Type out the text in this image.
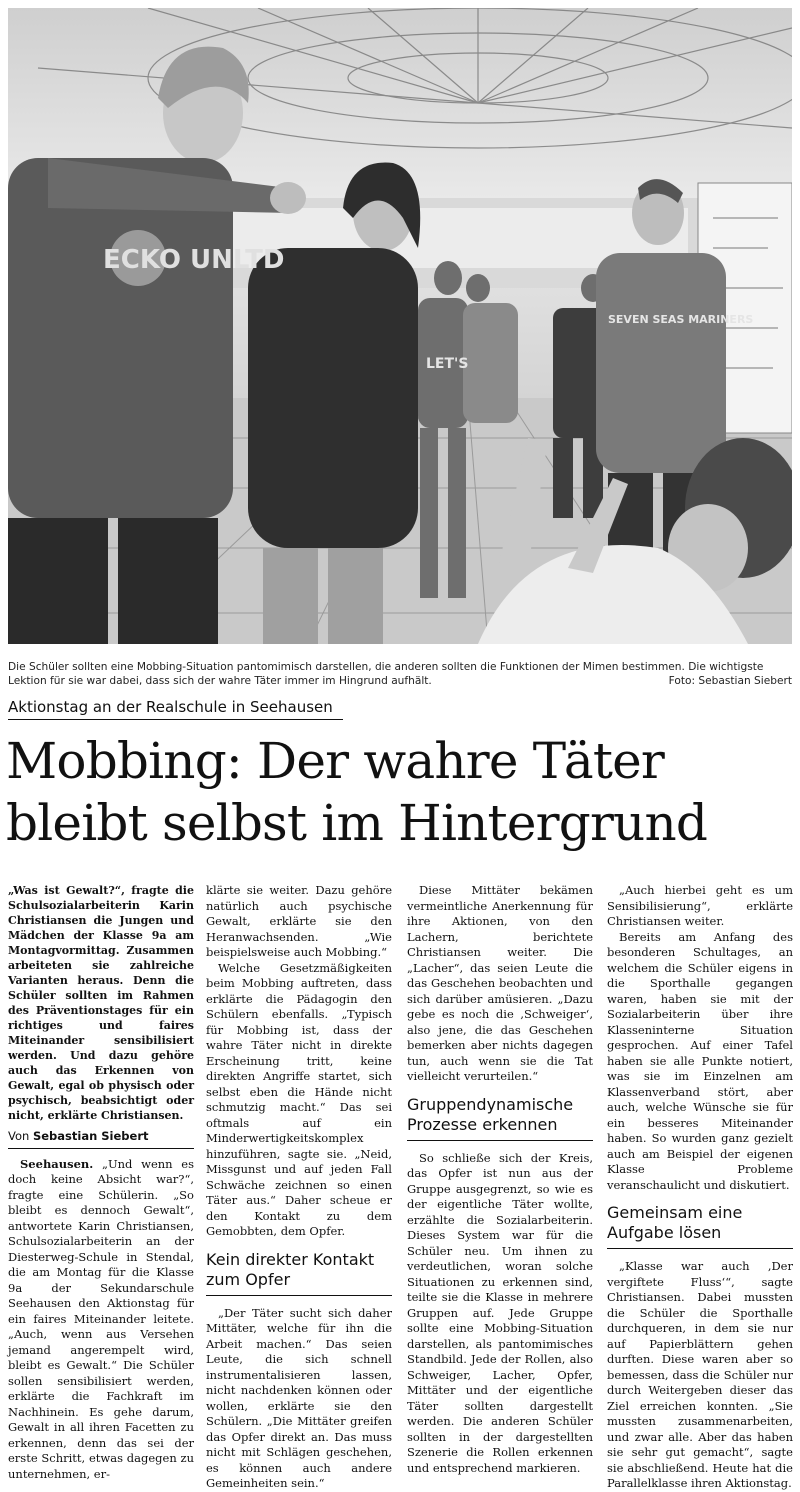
ECKO UNLTD
SEVEN SEAS MARINERS
LET'S
Die Schüler sollten eine Mobbing-Situation pantomimisch darstellen, die anderen sollten die Funktionen der Mimen bestimmen. Die wichtigste Lektion für sie war dabei, dass sich der wahre Täter immer im Hingrund aufhält.	Foto: Sebastian Siebert
Aktionstag an der Realschule in Seehausen
Mobbing: Der wahre Täter
bleibt selbst im Hintergrund

„Was ist Gewalt?“, fragte die Schulsozialarbeiterin Karin Christiansen die Jungen und Mädchen der Klasse 9a am Montagvormittag. Zusammen arbeiteten sie zahlreiche Varianten heraus. Denn die Schüler sollten im Rahmen des Präventionstages für ein richtiges und faires Miteinander sensibilisiert werden. Und dazu gehöre auch das Erkennen von Gewalt, egal ob physisch oder psychisch, beabsichtigt oder nicht, erklärte Christiansen.

Von Sebastian Siebert

Seehausen. „Und wenn es doch keine Absicht war?“, fragte eine Schülerin. „So bleibt es dennoch Gewalt“, antwortete Karin Christiansen, Schulsozialarbeiterin an der Diesterweg-Schule in Stendal, die am Montag für die Klasse 9a der Sekundarschule Seehausen den Aktionstag für ein faires Miteinander leitete. „Auch, wenn aus Versehen jemand angerempelt wird, bleibt es Gewalt.“ Die Schüler sollen sensibilisiert werden, erklärte die Fachkraft im Nachhinein. Es gehe darum, Gewalt in all ihren Facetten zu erkennen, denn das sei der erste Schritt, etwas dagegen zu unternehmen, er-

klärte sie weiter. Dazu gehöre natürlich auch psychische Gewalt, erklärte sie den Heranwachsenden. „Wie beispielsweise auch Mobbing.“

Welche Gesetzmäßigkeiten beim Mobbing auftreten, dass erklärte die Pädagogin den Schülern ebenfalls. „Typisch für Mobbing ist, dass der wahre Täter nicht in direkte Erscheinung tritt, keine direkten Angriffe startet, sich selbst eben die Hände nicht schmutzig macht.“ Das sei oftmals auf ein Minderwertigkeitskomplex hinzuführen, sagte sie. „Neid, Missgunst und auf jeden Fall Schwäche zeichnen so einen Täter aus.“ Daher scheue er den Kontakt zu dem Gemobbten, dem Opfer.

Kein direkter Kontakt zum Opfer

„Der Täter sucht sich daher Mittäter, welche für ihn die Arbeit machen.“ Das seien Leute, die sich schnell instrumentalisieren lassen, nicht nachdenken können oder wollen, erklärte sie den Schülern. „Die Mittäter greifen das Opfer direkt an. Das muss nicht mit Schlägen geschehen, es können auch andere Gemeinheiten sein.“

Diese Mittäter bekämen vermeintliche Anerkennung für ihre Aktionen, von den Lachern, berichtete Christiansen weiter. Die „Lacher“, das seien Leute die das Geschehen beobachten und sich darüber amüsieren. „Dazu gebe es noch die ‚Schweiger‘, also jene, die das Geschehen bemerken aber nichts dagegen tun, auch wenn sie die Tat vielleicht verurteilen.“

Gruppendynamische Prozesse erkennen

So schließe sich der Kreis, das Opfer ist nun aus der Gruppe ausgegrenzt, so wie es der eigentliche Täter wollte, erzählte die Sozialarbeiterin. Dieses System war für die Schüler neu. Um ihnen zu verdeutlichen, woran solche Situationen zu erkennen sind, teilte sie die Klasse in mehrere Gruppen auf. Jede Gruppe sollte eine Mobbing-Situation darstellen, als pantomimisches Standbild. Jede der Rollen, also Schweiger, Lacher, Opfer, Mittäter und der eigentliche Täter sollten dargestellt werden. Die anderen Schüler sollten in der dargestellten Szenerie die Rollen erkennen und entsprechend markieren.

„Auch hierbei geht es um Sensibilisierung“, erklärte Christiansen weiter.

Bereits am Anfang des besonderen Schultages, an welchem die Schüler eigens in die Sporthalle gegangen waren, haben sie mit der Sozialarbeiterin über ihre Klasseninterne Situation gesprochen. Auf einer Tafel haben sie alle Punkte notiert, was sie im Einzelnen am Klassenverband stört, aber auch, welche Wünsche sie für ein besseres Miteinander haben. So wurden ganz gezielt auch am Beispiel der eigenen Klasse Probleme veranschaulicht und diskutiert.

Gemeinsam eine Aufgabe lösen

„Klasse war auch ‚Der vergiftete Fluss‘“, sagte Christiansen. Dabei mussten die Schüler die Sporthalle durchqueren, in dem sie nur auf Papierblättern gehen durften. Diese waren aber so bemessen, dass die Schüler nur durch Weitergeben dieser das Ziel erreichen konnten. „Sie mussten zusammenarbeiten, und zwar alle. Aber das haben sie sehr gut gemacht“, sagte sie abschließend. Heute hat die Parallelklasse ihren Aktionstag.
